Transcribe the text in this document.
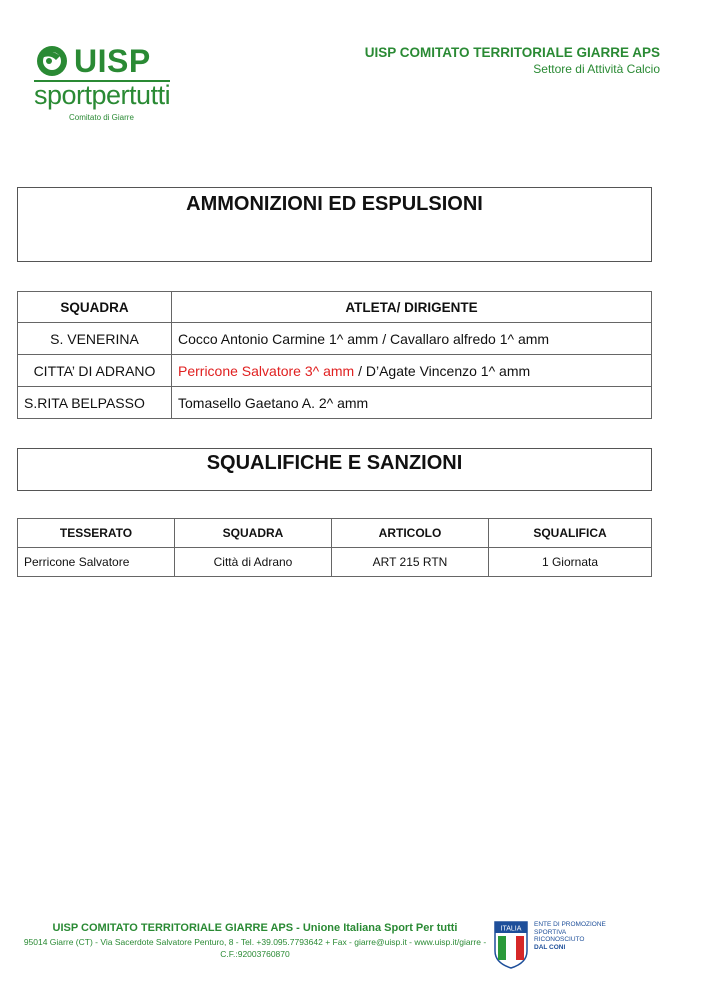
UISP
sportpertutti
Comitato di Giarre
UISP COMITATO TERRITORIALE GIARRE APS
Settore di Attività Calcio
AMMONIZIONI ED ESPULSIONI
SQUADRA	ATLETA/ DIRIGENTE
S. VENERINA	Cocco Antonio Carmine 1^ amm / Cavallaro alfredo 1^ amm
CITTA’ DI ADRANO	Perricone Salvatore 3^ amm / D’Agate Vincenzo 1^ amm
S.RITA BELPASSO	Tomasello Gaetano A. 2^ amm
SQUALIFICHE E SANZIONI
TESSERATO	SQUADRA	ARTICOLO	SQUALIFICA
Perricone Salvatore	Città di Adrano	ART 215 RTN	1 Giornata
UISP COMITATO TERRITORIALE GIARRE APS - Unione Italiana Sport Per tutti
95014 Giarre (CT) - Via Sacerdote Salvatore Penturo, 8 - Tel. +39.095.7793642 + Fax - giarre@uisp.it - www.uisp.it/giarre -
C.F.:92003760870
ITALIA
ENTE DI PROMOZIONE
SPORTIVA
RICONOSCIUTO
DAL CONI
